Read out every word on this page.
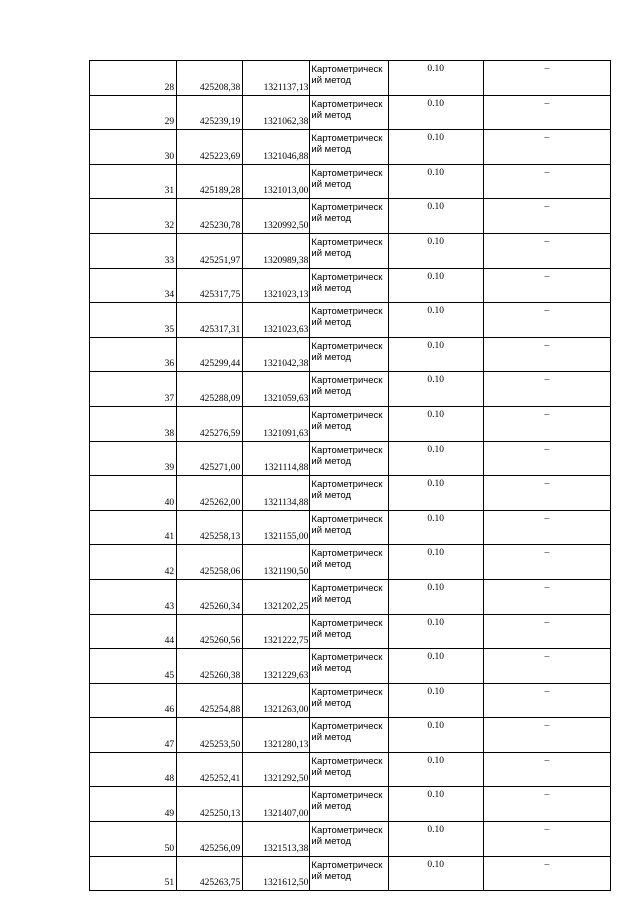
28	425208,38	1321137,13	Картометрический метод	0.10	–
29	425239,19	1321062,38	Картометрический метод	0.10	–
30	425223,69	1321046,88	Картометрический метод	0.10	–
31	425189,28	1321013,00	Картометрический метод	0.10	–
32	425230,78	1320992,50	Картометрический метод	0.10	–
33	425251,97	1320989,38	Картометрический метод	0.10	–
34	425317,75	1321023,13	Картометрический метод	0.10	–
35	425317,31	1321023,63	Картометрический метод	0.10	–
36	425299,44	1321042,38	Картометрический метод	0.10	–
37	425288,09	1321059,63	Картометрический метод	0.10	–
38	425276,59	1321091,63	Картометрический метод	0.10	–
39	425271,00	1321114,88	Картометрический метод	0.10	–
40	425262,00	1321134,88	Картометрический метод	0.10	–
41	425258,13	1321155,00	Картометрический метод	0.10	–
42	425258,06	1321190,50	Картометрический метод	0.10	–
43	425260,34	1321202,25	Картометрический метод	0.10	–
44	425260,56	1321222,75	Картометрический метод	0.10	–
45	425260,38	1321229,63	Картометрический метод	0.10	–
46	425254,88	1321263,00	Картометрический метод	0.10	–
47	425253,50	1321280,13	Картометрический метод	0.10	–
48	425252,41	1321292,50	Картометрический метод	0.10	–
49	425250,13	1321407,00	Картометрический метод	0.10	–
50	425256,09	1321513,38	Картометрический метод	0.10	–
51	425263,75	1321612,50	Картометрический метод	0.10	–
